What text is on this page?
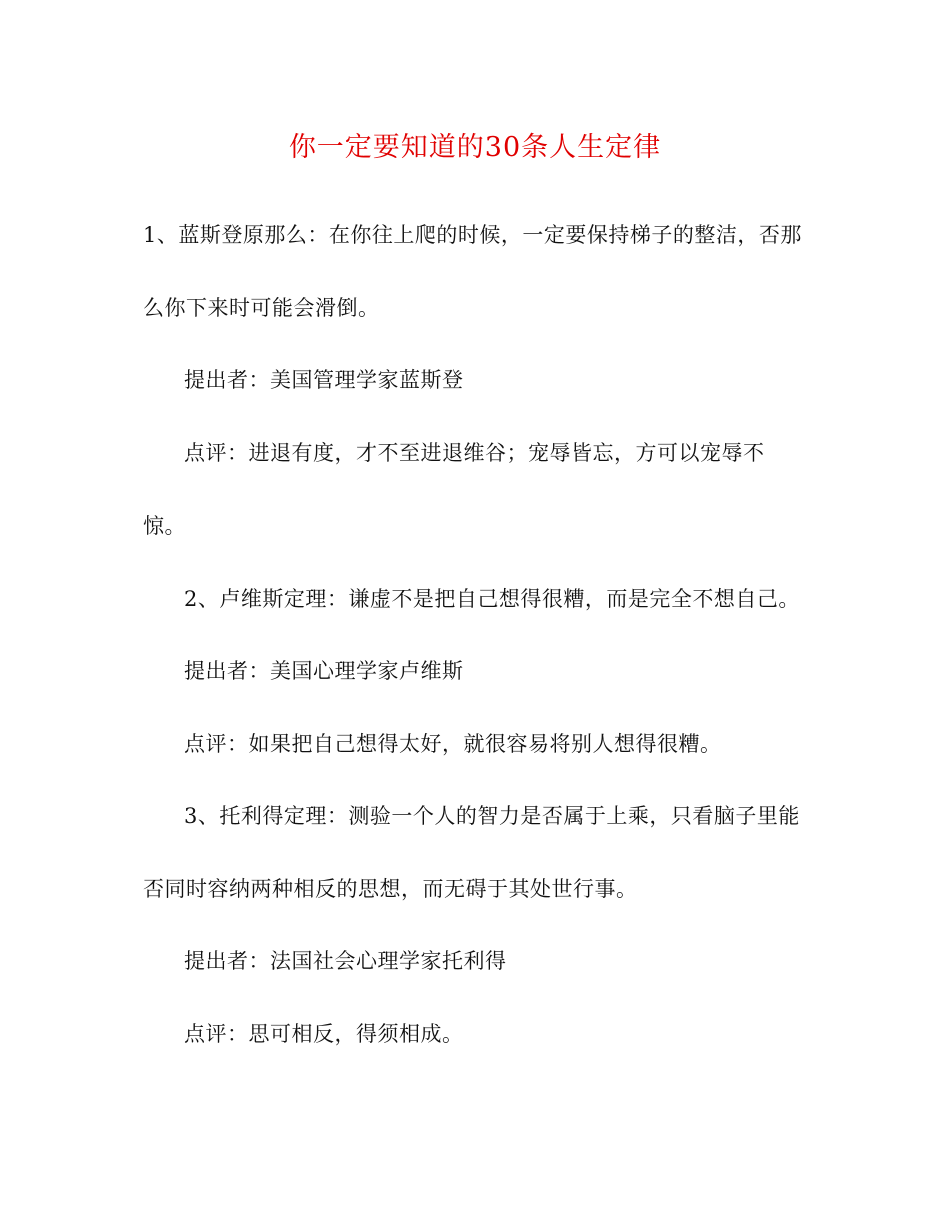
你一定要知道的30条人生定律
1、蓝斯登原那么：在你往上爬的时候，一定要保持梯子的整洁，否那
么你下来时可能会滑倒。
提出者：美国管理学家蓝斯登
点评：进退有度，才不至进退维谷；宠辱皆忘，方可以宠辱不
惊。
2、卢维斯定理：谦虚不是把自己想得很糟，而是完全不想自己。
提出者：美国心理学家卢维斯
点评：如果把自己想得太好，就很容易将别人想得很糟。
3、托利得定理：测验一个人的智力是否属于上乘，只看脑子里能
否同时容纳两种相反的思想，而无碍于其处世行事。
提出者：法国社会心理学家托利得
点评：思可相反，得须相成。
